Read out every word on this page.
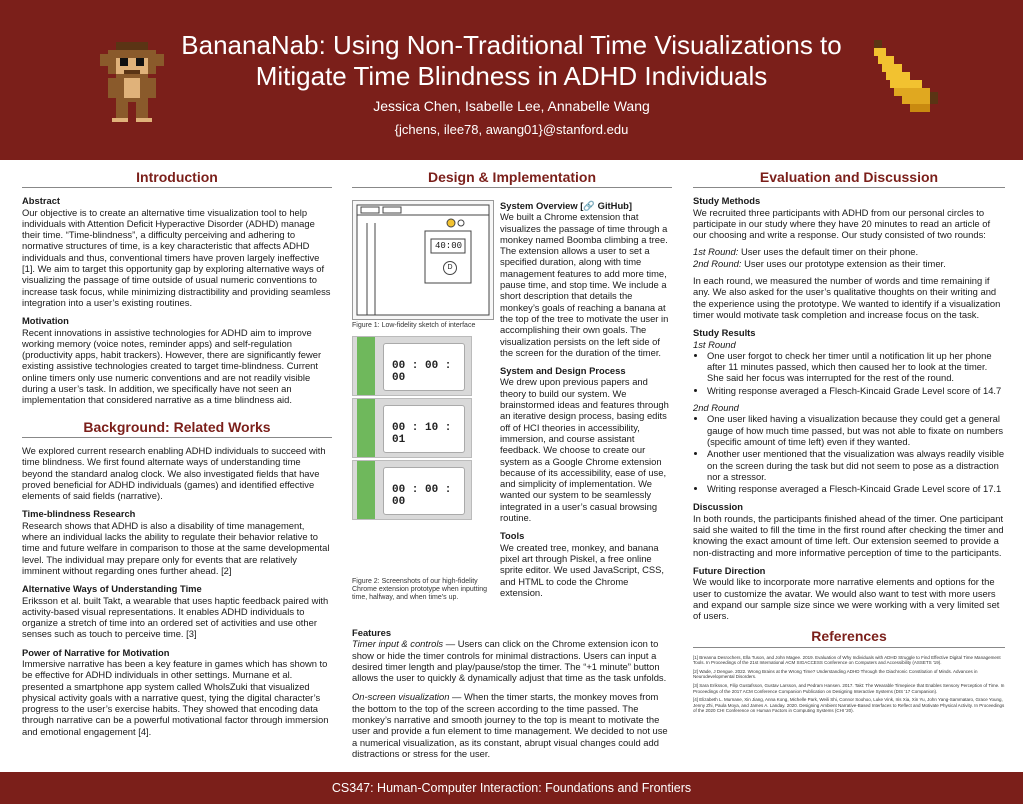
BananaNab: Using Non-Traditional Time Visualizations to Mitigate Time Blindness in ADHD Individuals
Jessica Chen, Isabelle Lee, Annabelle Wang
{jchens, ilee78, awang01}@stanford.edu
Introduction
Abstract

Our objective is to create an alternative time visualization tool to help individuals with Attention Deficit Hyperactive Disorder (ADHD) manage their time. “Time-blindness”, a difficulty perceiving and adhering to normative structures of time, is a key characteristic that affects ADHD individuals and thus, conventional timers have proven largely ineffective [1]. We aim to target this opportunity gap by exploring alternative ways of visualizing the passage of time outside of usual numeric conventions to increase task focus, while minimizing distractibility and providing seamless integration into a user’s existing routines.

Motivation

Recent innovations in assistive technologies for ADHD aim to improve working memory (voice notes, reminder apps) and self-regulation (productivity apps, habit trackers). However, there are significantly fewer existing assistive technologies created to target time-blindness. Current online timers only use numeric conventions and are not readily visible during a user’s task. In addition, we specifically have not seen an implementation that considered narrative as a time blindness aid.

Background: Related Works

We explored current research enabling ADHD individuals to succeed with time blindness. We first found alternate ways of understanding time beyond the standard analog clock. We also investigated fields that have proved beneficial for ADHD individuals (games) and identified effective elements of said fields (narrative).

Time-blindness Research

Research shows that ADHD is also a disability of time management, where an individual lacks the ability to regulate their behavior relative to time and future welfare in comparison to those at the same developmental level. The individual may prepare only for events that are relatively imminent without regarding ones further ahead. [2]

Alternative Ways of Understanding Time

Eriksson et al. built Takt, a wearable that uses haptic feedback paired with activity-based visual representations. It enables ADHD individuals to organize a stretch of time into an ordered set of activities and use other senses such as touch to perceive time. [3]

Power of Narrative for Motivation

Immersive narrative has been a key feature in games which has shown to be effective for ADHD individuals in other settings. Murnane et al. presented a smartphone app system called WholsZuki that visualized physical activity goals with a narrative quest, tying the digital character’s progress to the user’s exercise habits. They showed that encoding data through narrative can be a powerful motivational factor through immersion and emotional engagement [4].

Design & Implementation
System Overview [🔗 GitHub]

We built a Chrome extension that visualizes the passage of time through a monkey named Boomba climbing a tree. The extension allows a user to set a specified duration, along with time management features to add more time, pause time, and stop time. We include a short description that details the monkey’s goals of reaching a banana at the top of the tree to motivate the user in accomplishing their own goals. The visualization persists on the left side of the screen for the duration of the timer.

System and Design Process

We drew upon previous papers and theory to build our system. We brainstormed ideas and features through an iterative design process, basing edits off of HCI theories in accessibility, immersion, and course assistant feedback. We choose to create our system as a Google Chrome extension because of its accessibility, ease of use, and simplicity of implementation. We wanted our system to be seamlessly integrated in a user’s casual browsing routine.

Tools

We created tree, monkey, and banana pixel art through Piskel, a free online sprite editor. We used JavaScript, CSS, and HTML to code the Chrome extension.

Features

Timer input & controls — Users can click on the Chrome extension icon to show or hide the timer controls for minimal distractions. Users can input a desired timer length and play/pause/stop the timer. The “+1 minute” button allows the user to quickly & dynamically adjust that time as the task unfolds.

On-screen visualization — When the timer starts, the monkey moves from the bottom to the top of the screen according to the time passed. The monkey’s narrative and smooth journey to the top is meant to motivate the user and provide a fun element to time management. We decided to not use a numerical visualization, as its constant, abrupt visual changes could add distractions or stress for the user.

40:00
D
Figure 1: Low-fidelity sketch of interface
00 : 00 : 00
00 : 10 : 01
00 : 00 : 00
Figure 2: Screenshots of our high-fidelity Chrome extension prototype when inputting time, halfway, and when time’s up.
Evaluation and Discussion
Study Methods

We recruited three participants with ADHD from our personal circles to participate in our study where they have 20 minutes to read an article of our choosing and write a response. Our study consisted of two rounds:

1st Round: User uses the default timer on their phone.

2nd Round: User uses our prototype extension as their timer.

In each round, we measured the number of words and time remaining if any. We also asked for the user’s qualitative thoughts on their writing and the experience using the prototype. We wanted to identify if a visualization timer would motivate task completion and increase focus on the task.

Study Results
1st Round
• One user forgot to check her timer until a notification lit up her phone after 11 minutes passed, which then caused her to look at the timer. She said her focus was interrupted for the rest of the round.
• Writing response averaged a Flesch-Kincaid Grade Level score of 14.7
2nd Round
• One user liked having a visualization because they could get a general gauge of how much time passed, but was not able to fixate on numbers (specific amount of time left) even if they wanted.
• Another user mentioned that the visualization was always readily visible on the screen during the task but did not seem to pose as a distraction nor a stressor.
• Writing response averaged a Flesch-Kincaid Grade Level score of 17.1
Discussion

In both rounds, the participants finished ahead of the timer. One participant said she waited to fill the time in the first round after checking the timer and knowing the exact amount of time left. Our extension seemed to provide a non-distracting and more informative perception of time to the participants.

Future Direction

We would like to incorporate more narrative elements and options for the user to customize the avatar. We would also want to test with more users and expand our sample size since we were working with a very limited set of users.

References

[1] Breanna Desrochers, Ella Tuson, and John Magee. 2019. Evaluation of Why Individuals with ADHD Struggle to Find Effective Digital Time Management Tools. In Proceedings of the 21st International ACM SIGACCESS Conference on Computers and Accessibility (ASSETS '19).

[2] Wade, J Dengue. 2022. Wrong Brains at the Wrong Time? Understanding ADHD Through the Diachronic Constitution of Minds. Advances in Neurodevelopmental Disorders.

[3] Sara Eriksson, Filip Gustafsson, Gustav Larsson, and Pedram Hansen. 2017. Takt: The Wearable Timepiece that Enables Sensory Perception of Time. In Proceedings of the 2017 ACM Conference Companion Publication on Designing Interactive Systems (DIS '17 Companion).

[4] Elizabeth L. Murnane, Xin Jiang, Anna Kong, Michelle Park, Weili Shi, Connor Soohoo, Luke Vink, Iris Xia, Xin Yu, John Yang-Sammataro, Grace Young, Jenny Zhi, Paula Moya, and James A. Landay. 2020. Designing Ambient Narrative-Based Interfaces to Reflect and Motivate Physical Activity. In Proceedings of the 2020 CHI Conference on Human Factors in Computing Systems (CHI '20).

CS347: Human-Computer Interaction: Foundations and Frontiers
